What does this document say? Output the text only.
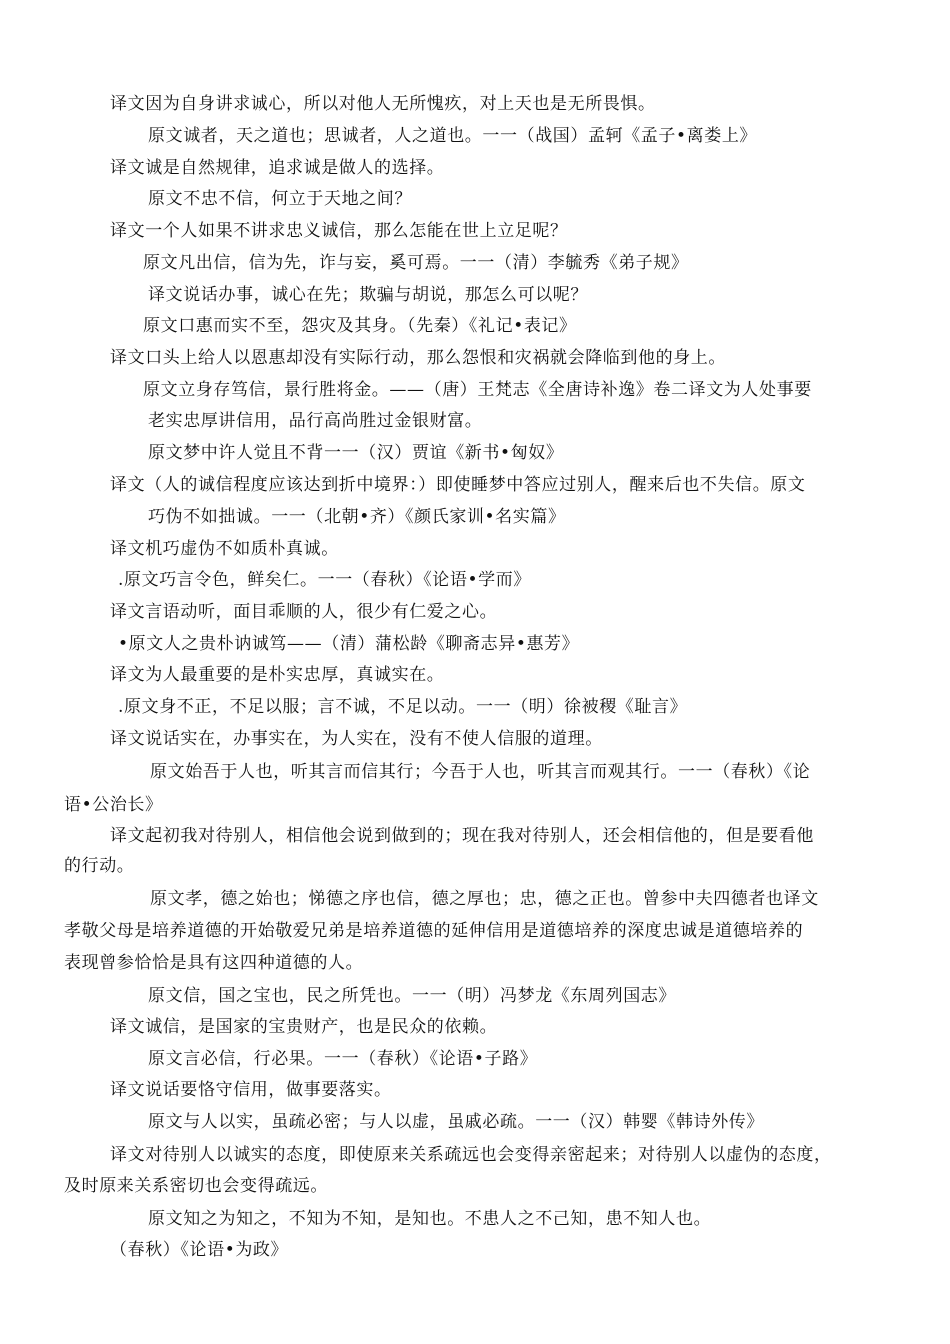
译文因为自身讲求诚心，所以对他人无所愧疚，对上天也是无所畏惧。

原文诚者，天之道也；思诚者，人之道也。一一（战国）孟轲《孟子•离娄上》

译文诚是自然规律，追求诚是做人的选择。

原文不忠不信，何立于天地之间？

译文一个人如果不讲求忠义诚信，那么怎能在世上立足呢？

原文凡出信，信为先，诈与妄，奚可焉。一一（清）李毓秀《弟子规》

译文说话办事，诚心在先；欺骗与胡说，那怎么可以呢？

原文口惠而实不至，怨灾及其身。（先秦）《礼记•表记》

译文口头上给人以恩惠却没有实际行动，那么怨恨和灾祸就会降临到他的身上。

原文立身存笃信，景行胜将金。——（唐）王梵志《全唐诗补逸》卷二译文为人处事要

老实忠厚讲信用，品行高尚胜过金银财富。

原文梦中许人觉且不背一一（汉）贾谊《新书•匈奴》

译文（人的诚信程度应该达到折中境界：）即使睡梦中答应过别人，醒来后也不失信。原文

巧伪不如拙诚。一一（北朝•齐）《颜氏家训•名实篇》

译文机巧虚伪不如质朴真诚。

.原文巧言令色，鲜矣仁。一一（春秋）《论语•学而》

译文言语动听，面目乖顺的人，很少有仁爱之心。

•原文人之贵朴讷诚笃——（清）蒲松龄《聊斋志异•惠芳》

译文为人最重要的是朴实忠厚，真诚实在。

.原文身不正，不足以服；言不诚，不足以动。一一（明）徐被稷《耻言》

译文说话实在，办事实在，为人实在，没有不使人信服的道理。

原文始吾于人也，听其言而信其行；今吾于人也，听其言而观其行。一一（春秋）《论

语•公治长》

译文起初我对待别人，相信他会说到做到的；现在我对待别人，还会相信他的，但是要看他

的行动。

原文孝，德之始也；悌德之序也信，德之厚也；忠，德之正也。曾参中夫四德者也译文

孝敬父母是培养道德的开始敬爱兄弟是培养道德的延伸信用是道德培养的深度忠诚是道德培养的

表现曾参恰恰是具有这四种道德的人。

原文信，国之宝也，民之所凭也。一一（明）冯梦龙《东周列国志》

译文诚信，是国家的宝贵财产，也是民众的依赖。

原文言必信，行必果。一一（春秋）《论语•子路》

译文说话要恪守信用，做事要落实。

原文与人以实，虽疏必密；与人以虚，虽戚必疏。一一（汉）韩婴《韩诗外传》

译文对待别人以诚实的态度，即使原来关系疏远也会变得亲密起来；对待别人以虚伪的态度，

及时原来关系密切也会变得疏远。

原文知之为知之，不知为不知，是知也。不患人之不己知，患不知人也。

（春秋）《论语•为政》
